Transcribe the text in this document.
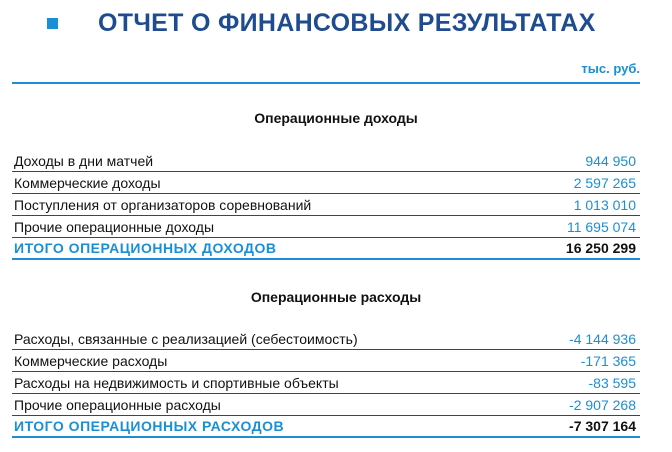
ОТЧЕТ О ФИНАНСОВЫХ РЕЗУЛЬТАТАХ
тыс. руб.
Операционные доходы
Доходы в дни матчей	944 950
Коммерческие доходы	2 597 265
Поступления от организаторов соревнований	1 013 010
Прочие операционные доходы	11 695 074
ИТОГО ОПЕРАЦИОННЫХ ДОХОДОВ	16 250 299
Операционные расходы
Расходы, связанные с реализацией (себестоимость)	-4 144 936
Коммерческие расходы	-171 365
Расходы на недвижимость и спортивные объекты	-83 595
Прочие операционные расходы	-2 907 268
ИТОГО ОПЕРАЦИОННЫХ РАСХОДОВ	-7 307 164
